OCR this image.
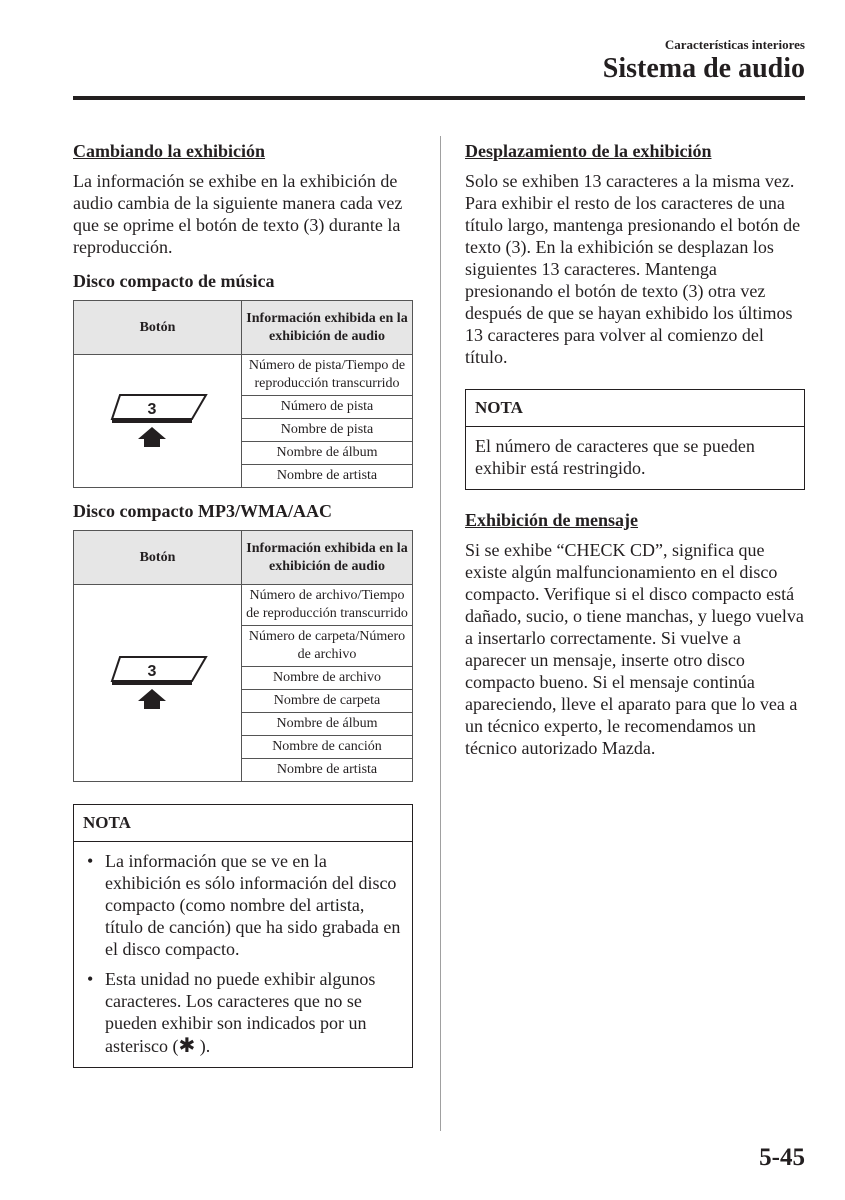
Características interiores
Sistema de audio
Cambiando la exhibición

La información se exhibe en la exhibición de audio cambia de la siguiente manera cada vez que se oprime el botón de texto (3) durante la reproducción.

Disco compacto de música
Botón	Información exhibida en la exhibición de audio

3	Número de pista/Tiempo de reproducción transcurrido
	Número de pista
	Nombre de pista
	Nombre de álbum
	Nombre de artista
Disco compacto MP3/WMA/AAC
Botón	Información exhibida en la exhibición de audio

3	Número de archivo/Tiempo de reproducción transcurrido
	Número de carpeta/Número de archivo
	Nombre de archivo
	Nombre de carpeta
	Nombre de álbum
	Nombre de canción
	Nombre de artista
NOTA
• La información que se ve en la exhibición es sólo información del disco compacto (como nombre del artista, título de canción) que ha sido grabada en el disco compacto.
• Esta unidad no puede exhibir algunos caracteres. Los caracteres que no se pueden exhibir son indicados por un asterisco (✱ ).
Desplazamiento de la exhibición

Solo se exhiben 13 caracteres a la misma vez. Para exhibir el resto de los caracteres de una título largo, mantenga presionando el botón de texto (3). En la exhibición se desplazan los siguientes 13 caracteres. Mantenga presionando el botón de texto (3) otra vez después de que se hayan exhibido los últimos 13 caracteres para volver al comienzo del título.

NOTA
El número de caracteres que se pueden exhibir está restringido.
Exhibición de mensaje

Si se exhibe “CHECK CD”, significa que existe algún malfuncionamiento en el disco compacto. Verifique si el disco compacto está dañado, sucio, o tiene manchas, y luego vuelva a insertarlo correctamente. Si vuelve a aparecer un mensaje, inserte otro disco compacto bueno. Si el mensaje continúa apareciendo, lleve el aparato para que lo vea a un técnico experto, le recomendamos un técnico autorizado Mazda.

5-45
